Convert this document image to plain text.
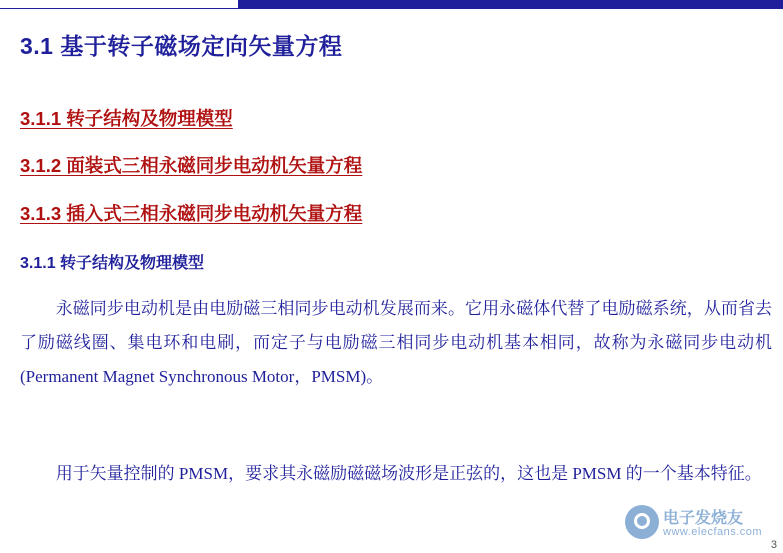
3.1 基于转子磁场定向矢量方程
3.1.1 转子结构及物理模型
3.1.2 面装式三相永磁同步电动机矢量方程
3.1.3 插入式三相永磁同步电动机矢量方程
3.1.1 转子结构及物理模型
永磁同步电动机是由电励磁三相同步电动机发展而来。它用永磁体代替了电励磁系统，从而省去了励磁线圈、集电环和电刷，而定子与电励磁三相同步电动机基本相同，故称为永磁同步电动机(Permanent Magnet Synchronous Motor，PMSM)。
用于矢量控制的 PMSM，要求其永磁励磁磁场波形是正弦的，这也是 PMSM 的一个基本特征。
电子发烧友
www.elecfans.com
3
